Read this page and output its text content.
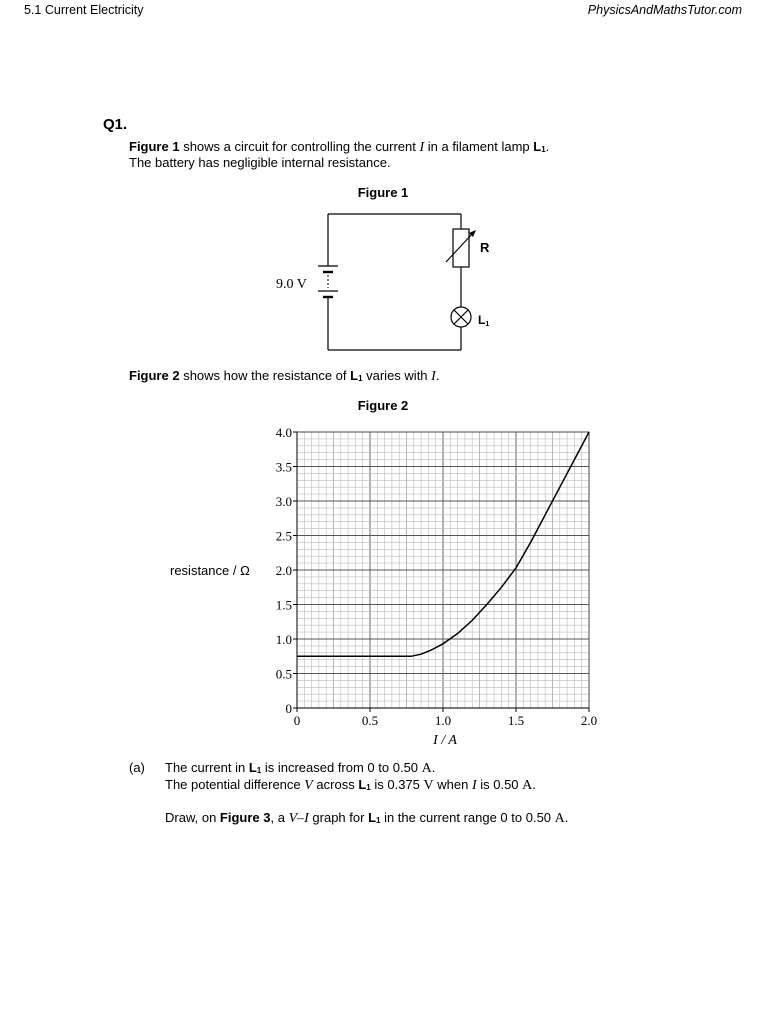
5.1 Current Electricity	PhysicsAndMathsTutor.com
Q1.
Figure 1 shows a circuit for controlling the current I in a filament lamp $L_1$.
The battery has negligible internal resistance.
Figure 1
9.0 V
R
L1
Figure 2 shows how the resistance of $L_1$ varies with I.
Figure 2
0
0.5
1.0
1.5
2.0
2.5
3.0
3.5
4.0
0	0.5	1.0	1.5	2.0
resistance / Ω
I / A
(a) The current in $L_1$ is increased from 0 to 0.50 A.
The potential difference V across $L_1$ is 0.375 V when I is 0.50 A.
Draw, on Figure 3, a V–I graph for $L_1$ in the current range 0 to 0.50 A.
